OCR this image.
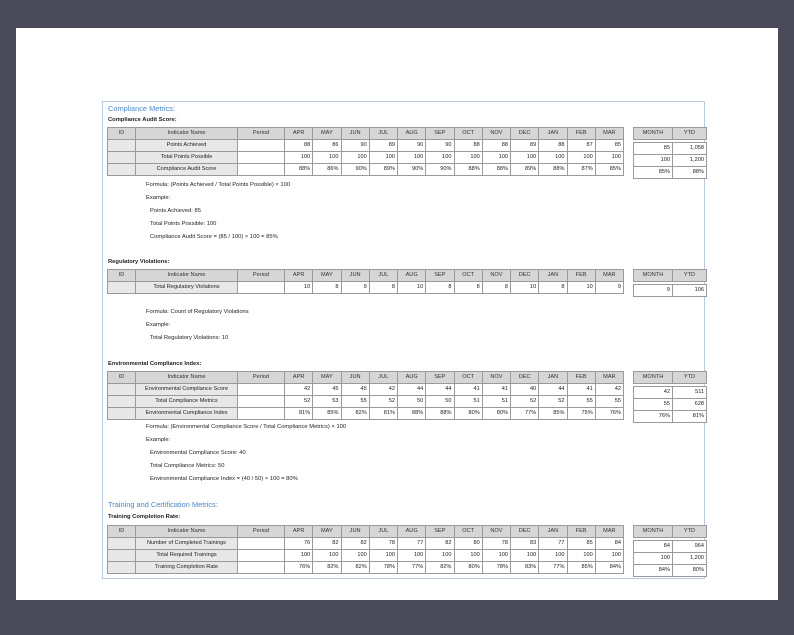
Compliance Metrics:
Compliance Audit Score:
ID	Indicator Name	Period	APR	MAY	JUN	JUL	AUG	SEP	OCT	NOV	DEC	JAN	FEB	MAR
	Points Achieved		88	86	90	89	90	90	88	88	89	88	87	85
	Total Points Possible		100	100	100	100	100	100	100	100	100	100	100	100
	Compliance Audit Score		88%	86%	90%	89%	90%	90%	88%	88%	89%	88%	87%	85%
MONTH	YTD

85	1,058
100	1,200
85%	88%
Formula: (Points Achieved / Total Points Possible) × 100
Example:
Points Achieved: 85
Total Points Possible: 100
Compliance Audit Score = (85 / 100) × 100 = 85%
Regulatory Violations:
ID	Indicator Name	Period	APR	MAY	JUN	JUL	AUG	SEP	OCT	NOV	DEC	JAN	FEB	MAR
	Total Regulatory Violations		10	8	9	8	10	8	8	8	10	8	10	9
MONTH	YTD

9	106
Formula: Count of Regulatory Violations
Example:
Total Regulatory Violations: 10
Environmental Compliance Index:
ID	Indicator Name	Period	APR	MAY	JUN	JUL	AUG	SEP	OCT	NOV	DEC	JAN	FEB	MAR
	Environmental Compliance Score		42	45	45	42	44	44	41	41	40	44	41	42
	Total Compliance Metrics		52	53	55	52	50	50	51	51	52	52	55	55
	Environmental Compliance Index		81%	85%	82%	81%	88%	88%	80%	80%	77%	85%	75%	76%
MONTH	YTD

42	511
55	628
76%	81%
Formula: (Environmental Compliance Score / Total Compliance Metrics) × 100
Example:
Environmental Compliance Score: 40
Total Compliance Metrics: 50
Environmental Compliance Index = (40 / 50) × 100 = 80%
Training and Certification Metrics:
Training Completion Rate:
ID	Indicator Name	Period	APR	MAY	JUN	JUL	AUG	SEP	OCT	NOV	DEC	JAN	FEB	MAR
	Number of Completed Trainings		76	82	82	78	77	82	80	78	83	77	85	84
	Total Required Trainings		100	100	100	100	100	100	100	100	100	100	100	100
	Training Completion Rate		76%	82%	82%	78%	77%	82%	80%	78%	83%	77%	85%	84%
MONTH	YTD

84	964
100	1,200
84%	80%
